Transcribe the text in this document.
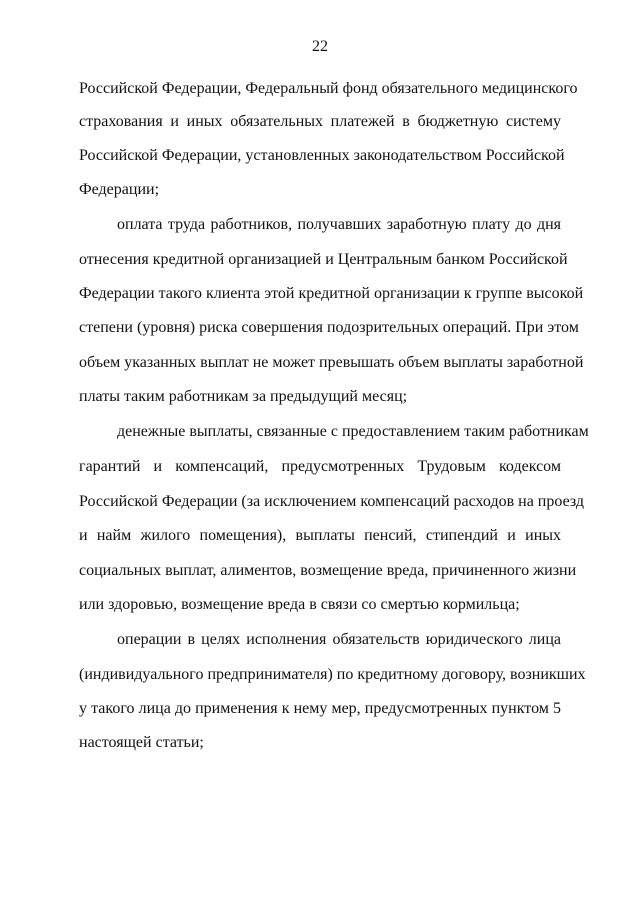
22
Российской Федерации, Федеральный фонд обязательного медицинского
страхования и иных обязательных платежей в бюджетную систему
Российской Федерации, установленных законодательством Российской
Федерации;
оплата труда работников, получавших заработную плату до дня
отнесения кредитной организацией и Центральным банком Российской
Федерации такого клиента этой кредитной организации к группе высокой
степени (уровня) риска совершения подозрительных операций. При этом
объем указанных выплат не может превышать объем выплаты заработной
платы таким работникам за предыдущий месяц;
денежные выплаты, связанные с предоставлением таким работникам
гарантий и компенсаций, предусмотренных Трудовым кодексом
Российской Федерации (за исключением компенсаций расходов на проезд
и найм жилого помещения), выплаты пенсий, стипендий и иных
социальных выплат, алиментов, возмещение вреда, причиненного жизни
или здоровью, возмещение вреда в связи со смертью кормильца;
операции в целях исполнения обязательств юридического лица
(индивидуального предпринимателя) по кредитному договору, возникших
у такого лица до применения к нему мер, предусмотренных пунктом 5
настоящей статьи;
